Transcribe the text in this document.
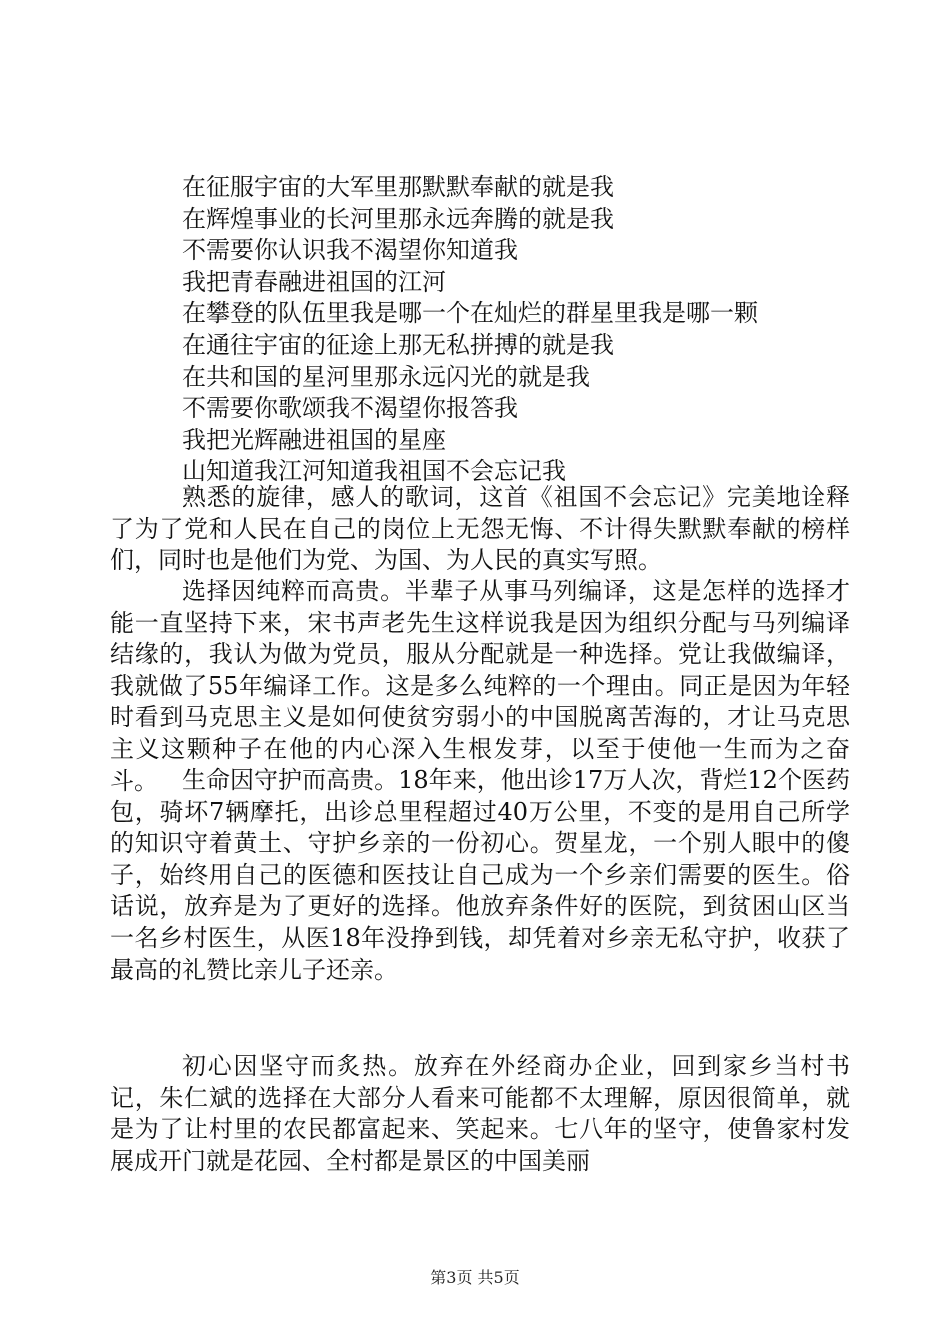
在征服宇宙的大军里那默默奉献的就是我
在辉煌事业的长河里那永远奔腾的就是我
不需要你认识我不渴望你知道我
我把青春融进祖国的江河
在攀登的队伍里我是哪一个在灿烂的群星里我是哪一颗
在通往宇宙的征途上那无私拼搏的就是我
在共和国的星河里那永远闪光的就是我
不需要你歌颂我不渴望你报答我
我把光辉融进祖国的星座
山知道我江河知道我祖国不会忘记我

熟悉的旋律，感人的歌词，这首《祖国不会忘记》完美地诠释了为了党和人民在自己的岗位上无怨无悔、不计得失默默奉献的榜样们，同时也是他们为党、为国、为人民的真实写照。

选择因纯粹而高贵。半辈子从事马列编译，这是怎样的选择才能一直坚持下来，宋书声老先生这样说我是因为组织分配与马列编译结缘的，我认为做为党员，服从分配就是一种选择。党让我做编译，我就做了55年编译工作。这是多么纯粹的一个理由。同正是因为年轻时看到马克思主义是如何使贫穷弱小的中国脱离苦海的，才让马克思主义这颗种子在他的内心深入生根发芽，以至于使他一生而为之奋斗。	生命因守护而高贵。18年来，他出诊17万人次，背烂12个医药包，骑坏7辆摩托，出诊总里程超过40万公里，不变的是用自己所学的知识守着黄土、守护乡亲的一份初心。贺星龙，一个别人眼中的傻子，始终用自己的医德和医技让自己成为一个乡亲们需要的医生。俗话说，放弃是为了更好的选择。他放弃条件好的医院，到贫困山区当一名乡村医生，从医18年没挣到钱，却凭着对乡亲无私守护，收获了最高的礼赞比亲儿子还亲。

初心因坚守而炙热。放弃在外经商办企业，回到家乡当村书记，朱仁斌的选择在大部分人看来可能都不太理解，原因很简单，就是为了让村里的农民都富起来、笑起来。七八年的坚守，使鲁家村发展成开门就是花园、全村都是景区的中国美丽

第3页 共5页
